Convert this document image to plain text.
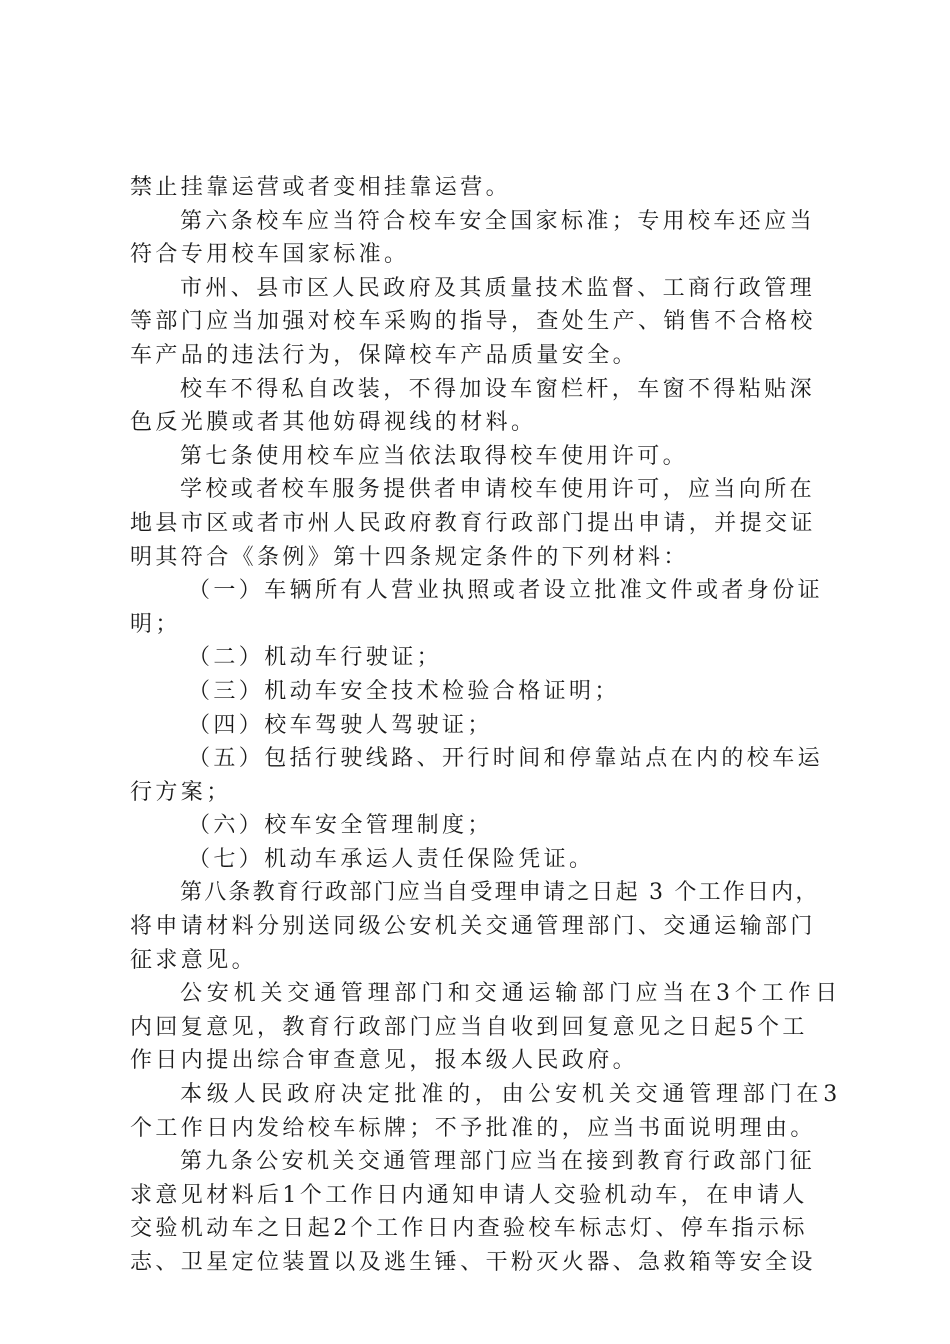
禁止挂靠运营或者变相挂靠运营。
第六条校车应当符合校车安全国家标准；专用校车还应当
符合专用校车国家标准。
市州、县市区人民政府及其质量技术监督、工商行政管理
等部门应当加强对校车采购的指导，查处生产、销售不合格校
车产品的违法行为，保障校车产品质量安全。
校车不得私自改装，不得加设车窗栏杆，车窗不得粘贴深
色反光膜或者其他妨碍视线的材料。
第七条使用校车应当依法取得校车使用许可。
学校或者校车服务提供者申请校车使用许可，应当向所在
地县市区或者市州人民政府教育行政部门提出申请，并提交证
明其符合《条例》第十四条规定条件的下列材料：
（一）车辆所有人营业执照或者设立批准文件或者身份证
明；
（二）机动车行驶证；
（三）机动车安全技术检验合格证明；
（四）校车驾驶人驾驶证；
（五）包括行驶线路、开行时间和停靠站点在内的校车运
行方案；
（六）校车安全管理制度；
（七）机动车承运人责任保险凭证。
第八条教育行政部门应当自受理申请之日起 3 个工作日内，
将申请材料分别送同级公安机关交通管理部门、交通运输部门
征求意见。
公安机关交通管理部门和交通运输部门应当在3个工作日
内回复意见，教育行政部门应当自收到回复意见之日起5个工
作日内提出综合审查意见，报本级人民政府。
本级人民政府决定批准的，由公安机关交通管理部门在3
个工作日内发给校车标牌；不予批准的，应当书面说明理由。
第九条公安机关交通管理部门应当在接到教育行政部门征
求意见材料后1个工作日内通知申请人交验机动车，在申请人
交验机动车之日起2个工作日内查验校车标志灯、停车指示标
志、卫星定位装置以及逃生锤、干粉灭火器、急救箱等安全设
